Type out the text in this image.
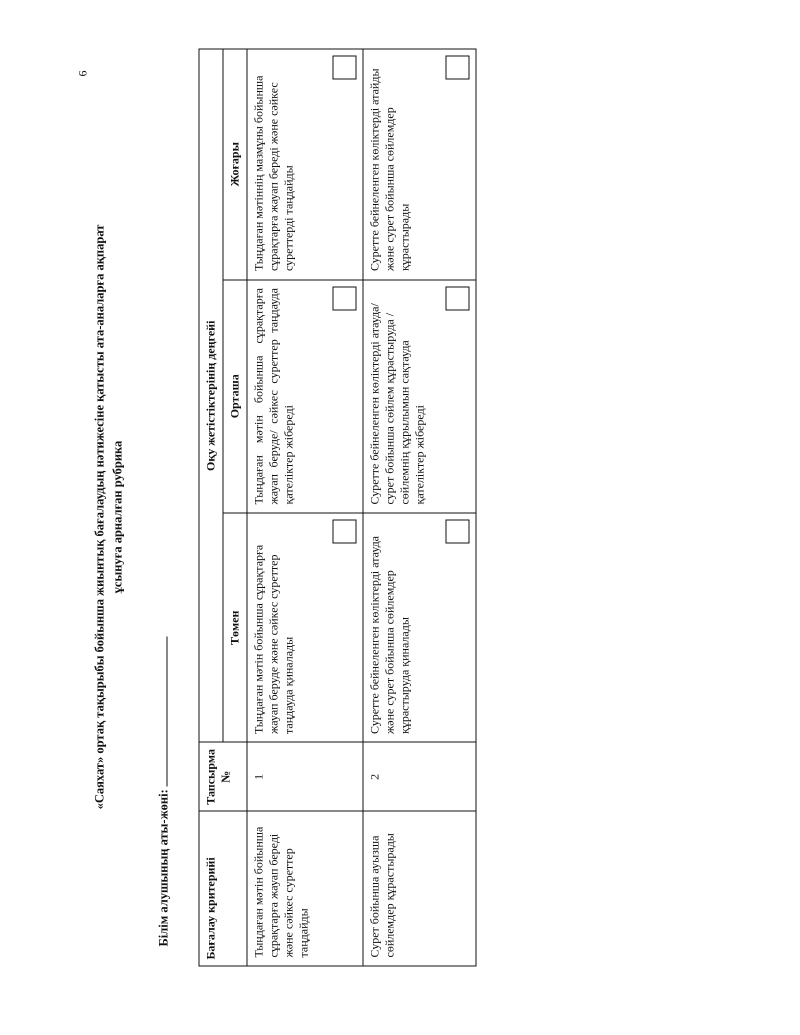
«Саяхат» ортақ тақырыбы бойынша жиынтық бағалаудың нәтижесіне қатысты ата-аналарға ақпарат ұсынуға арналған рубрика
Білім алушының аты-жөні:
6
Бағалау критерийі	Тапсырма №	Оқу жетістіктерінің деңгейі		
		Төмен	Орташа	Жоғары
Тыңдаған мәтін бойынша сұрақтарға жауап береді және сәйкес суреттер таңдайды	1	Тыңдаған мәтін бойынша сұрақтарға жауап беруде және сәйкес суреттер таңдауда қиналады	Тыңдаған мәтін бойынша сұрақтарға жауап беруде/ сәйкес суреттер таңдауда қателіктер жібереді	Тыңдаған мәтіннің мазмұны бойынша сұрақтарға жауап береді және сәйкес суреттерді таңдайды

Сурет бойынша ауызша сөйлемдер құрастырады	2	Суретте бейнеленген көліктерді атауда және сурет бойынша сөйлемдер құрастыруда қиналады	Суретте бейнеленген көліктерді атауда/ сурет бойынша сөйлем құрастыруда / сөйлемнің құрылымын сақтауда қателіктер жібереді	Суретте бейнеленген көліктерді атайды және сурет бойынша сөйлемдер құрастырады
